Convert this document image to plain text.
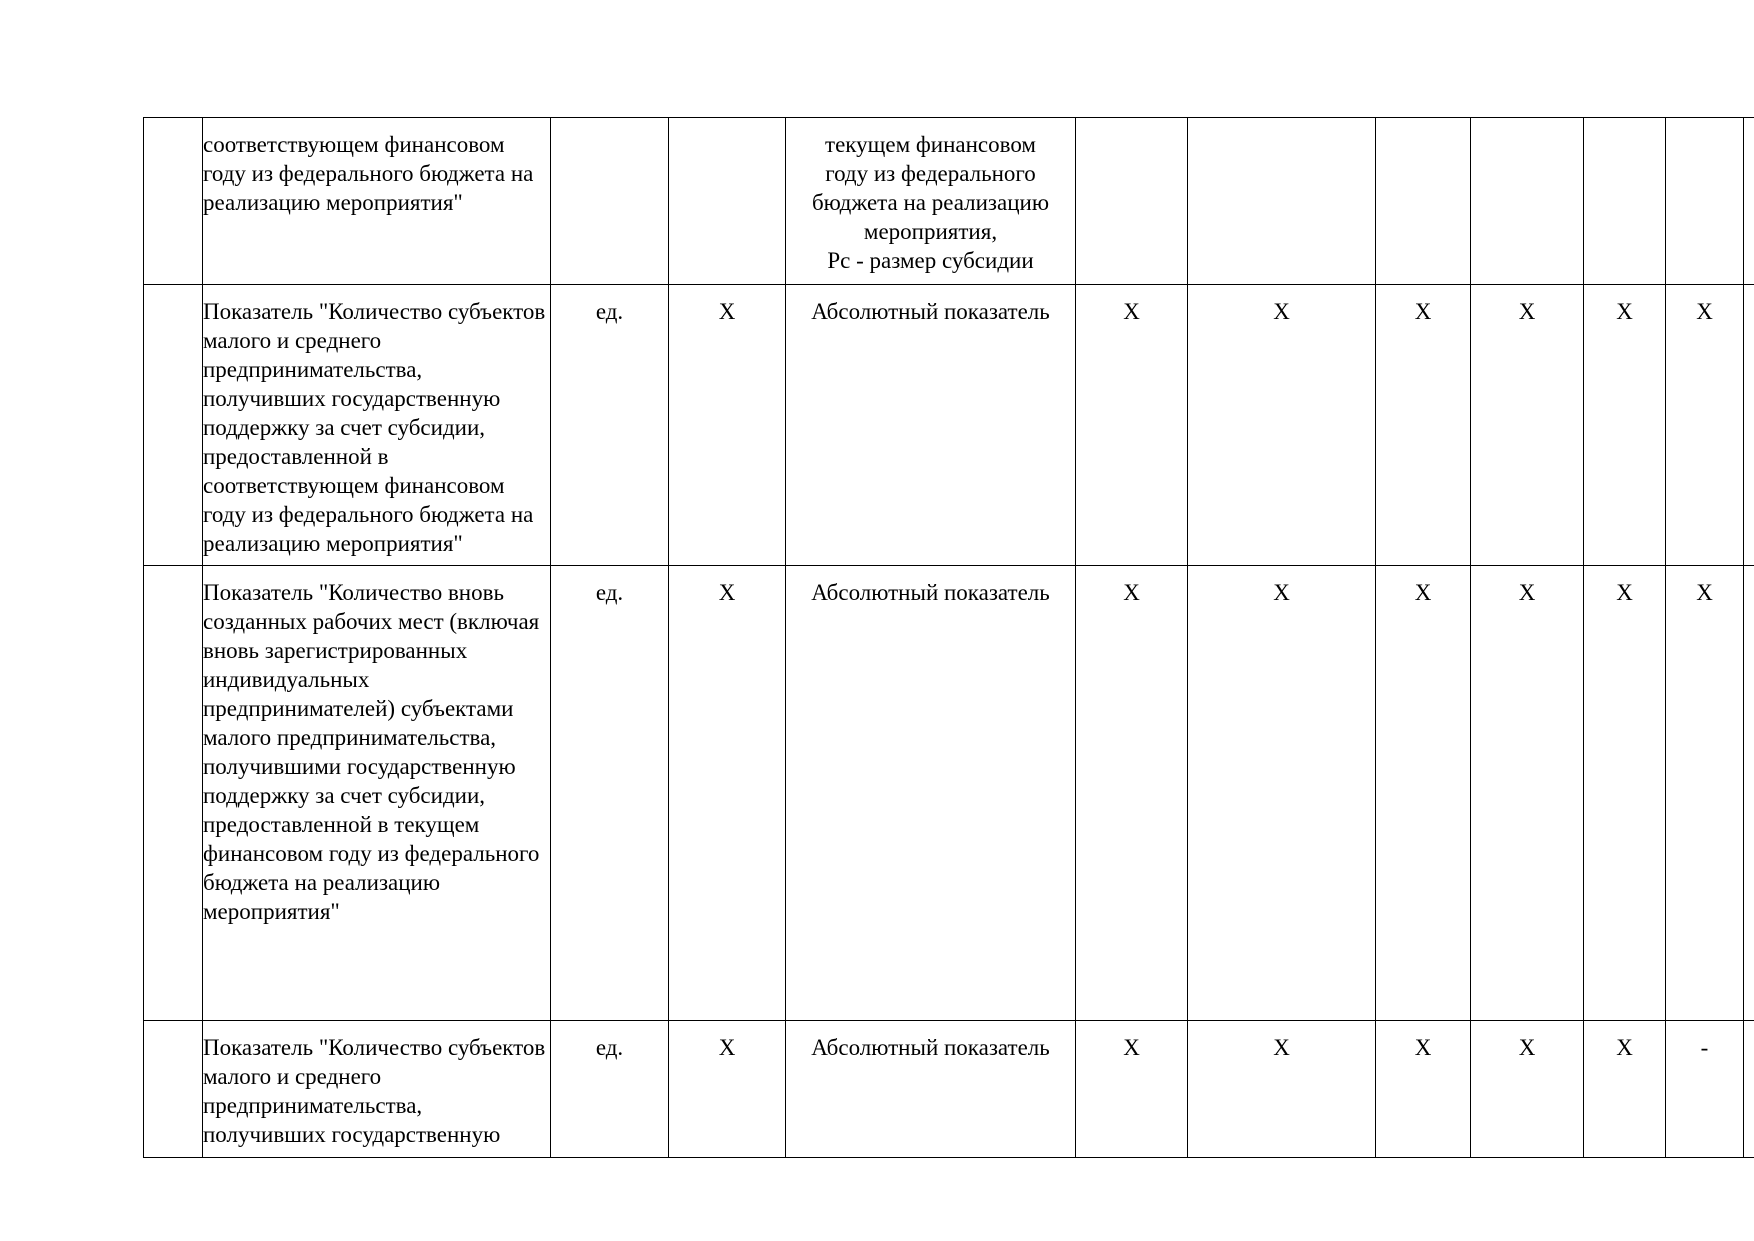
	соответствующем финансовом году из федерального бюджета на реализацию мероприятия"			текущем финансовом
году из федерального
бюджета на реализацию
мероприятия,
Рс - размер субсидии							
	Показатель "Количество субъектов малого и среднего предпринимательства, получивших государственную поддержку за счет субсидии, предоставленной в соответствующем финансовом году из федерального бюджета на реализацию мероприятия"	ед.	X	Абсолютный показатель	X	X	X	X	X	X	
	Показатель "Количество вновь созданных рабочих мест (включая вновь зарегистрированных индивидуальных предпринимателей) субъектами малого предпринимательства, получившими государственную поддержку за счет субсидии, предоставленной в текущем финансовом году из федерального бюджета на реализацию мероприятия"	ед.	X	Абсолютный показатель	X	X	X	X	X	X	
	Показатель "Количество субъектов малого и среднего предпринимательства, получивших государственную	ед.	X	Абсолютный показатель	X	X	X	X	X	-	
